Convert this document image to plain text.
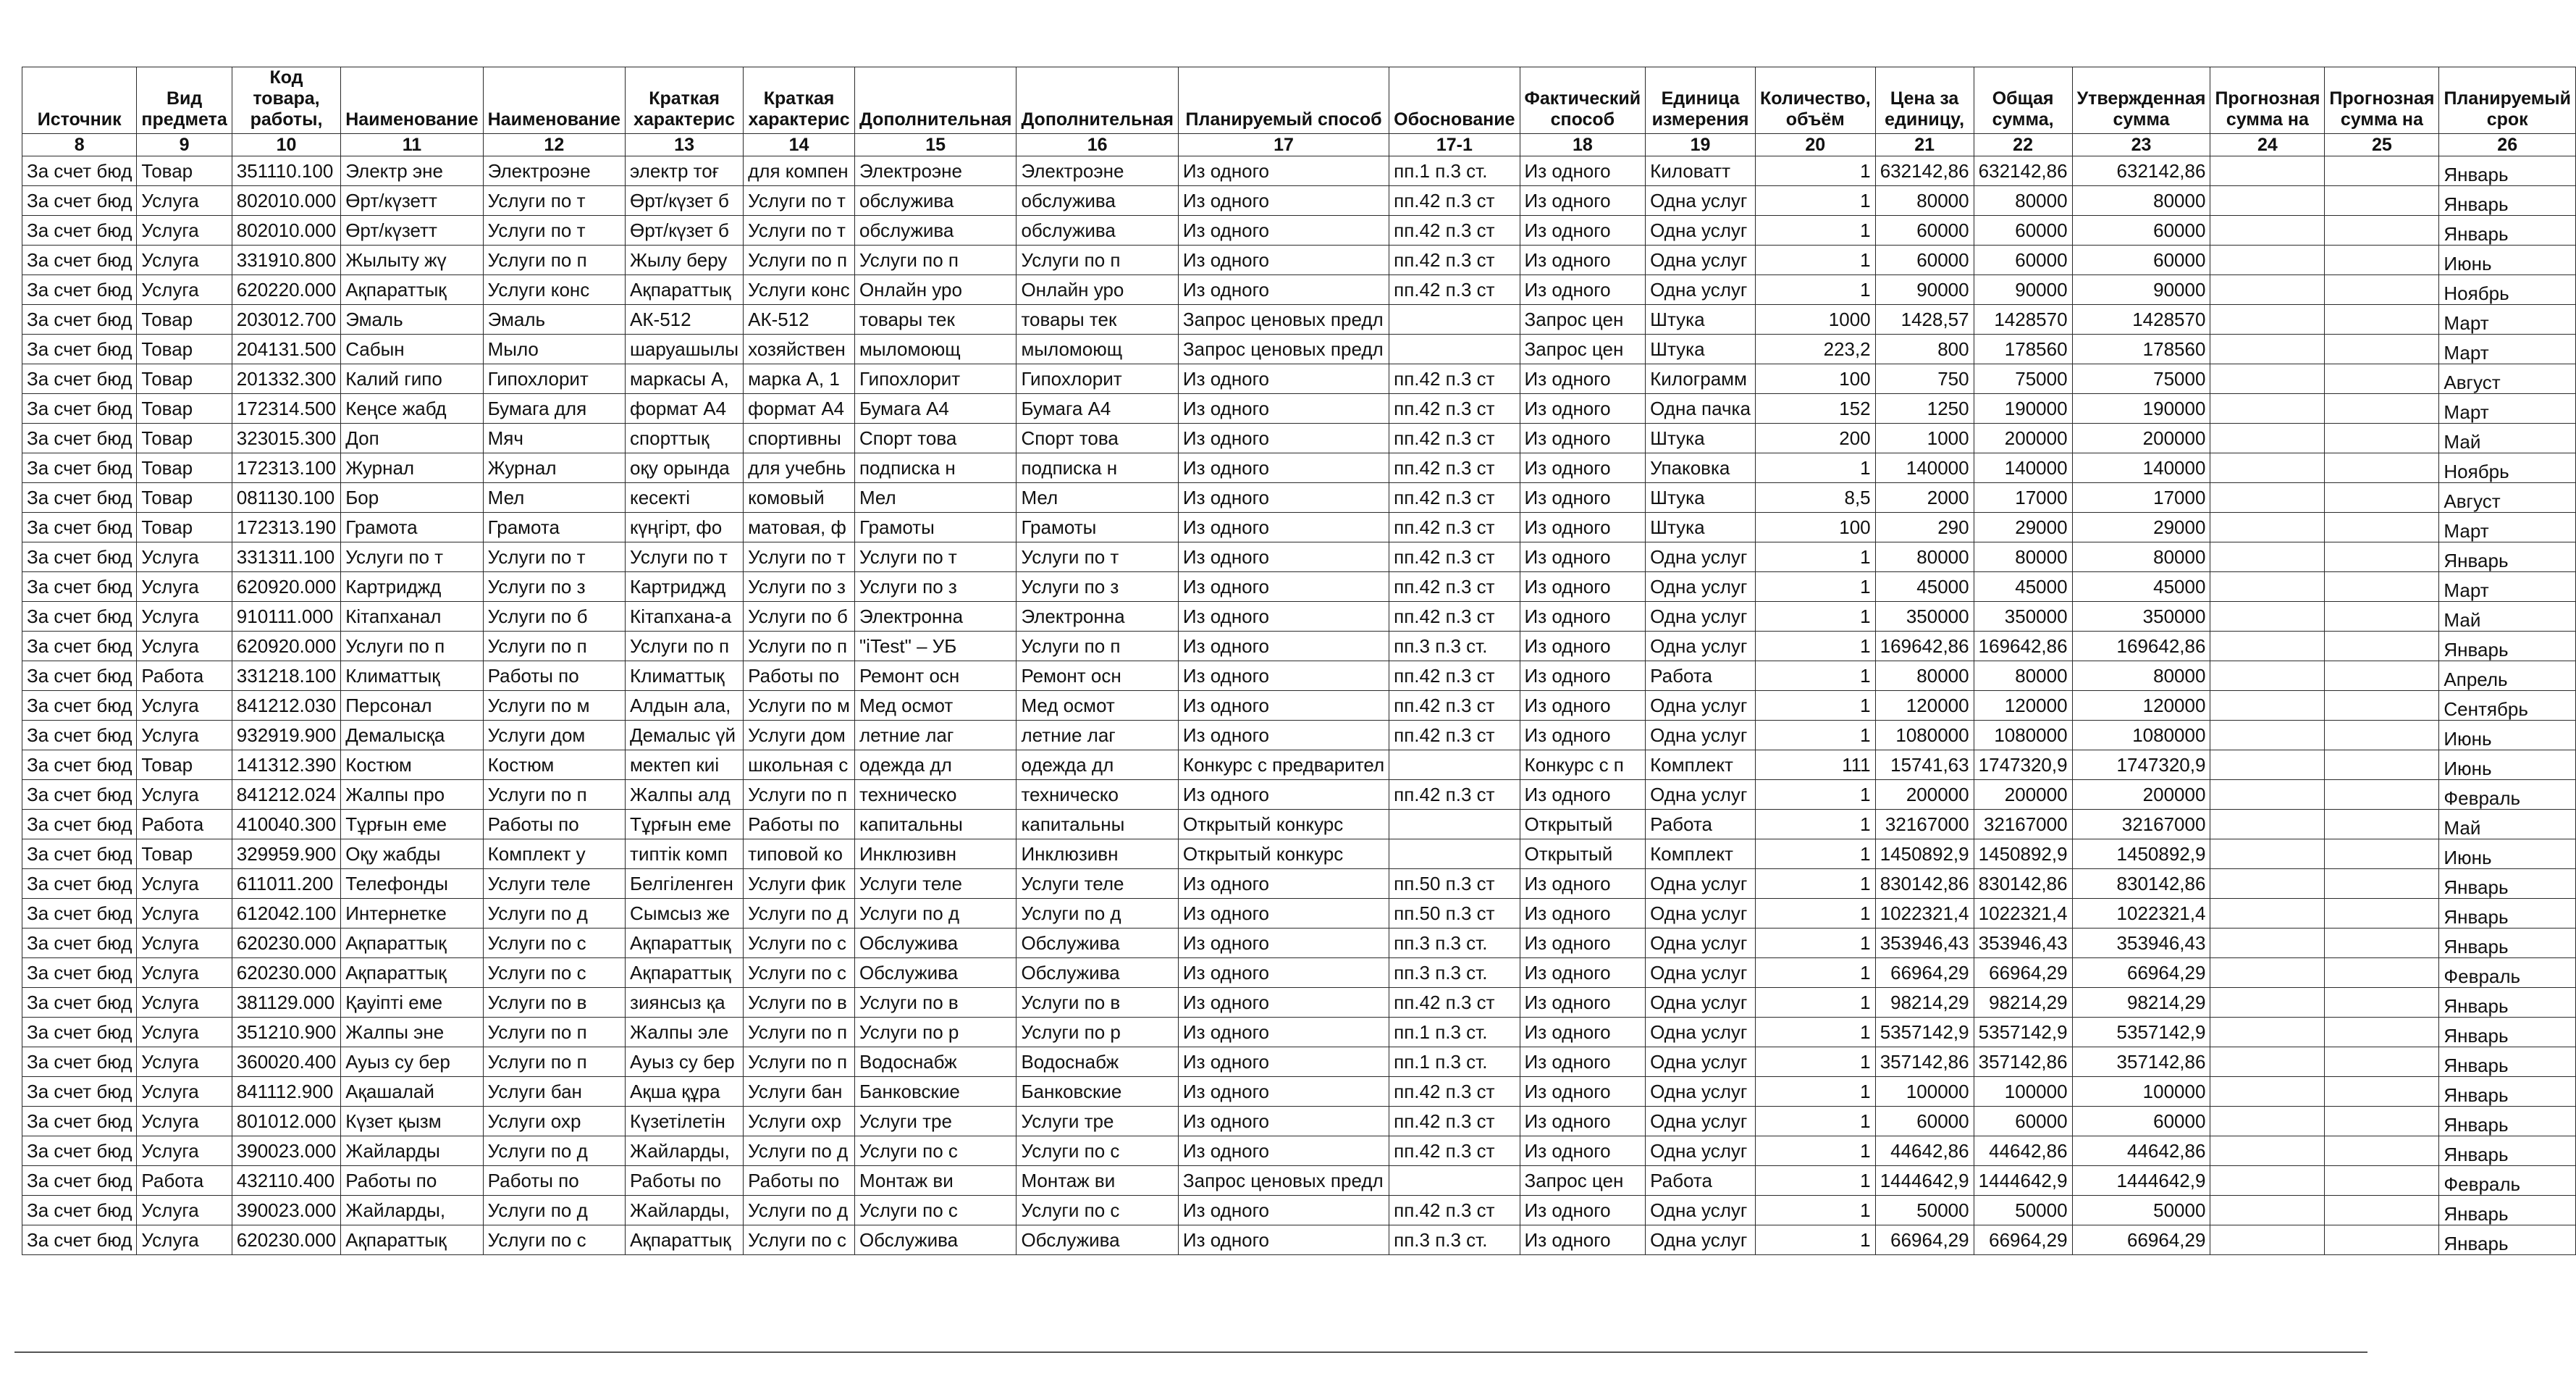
Источник	Вид предмета	Код товара, работы,	Наименование	Наименование	Краткая характерис	Краткая характерис	Дополнительная	Дополнительная	Планируемый способ	Обоснование	Фактический способ	Единица измерения	Количество, объём	Цена за единицу,	Общая сумма,	Утвержденная сумма	Прогнозная сумма на	Прогнозная сумма на	Планируемый срок
8	9	10	11	12	13	14	15	16	17	17-1	18	19	20	21	22	23	24	25	26
За счет бюд	Товар	351110.100	Электр эне	Электроэне	электр тоғ	для компен	Электроэне	Электроэне	Из одного	пп.1 п.3 ст.	Из одного	Киловатт	1	632142,86	632142,86	632142,86			Январь
За счет бюд	Услуга	802010.000	Өрт/күзетт	Услуги по т	Өрт/күзет б	Услуги по т	обслужива	обслужива	Из одного	пп.42 п.3 ст	Из одного	Одна услуг	1	80000	80000	80000			Январь
За счет бюд	Услуга	802010.000	Өрт/күзетт	Услуги по т	Өрт/күзет б	Услуги по т	обслужива	обслужива	Из одного	пп.42 п.3 ст	Из одного	Одна услуг	1	60000	60000	60000			Январь
За счет бюд	Услуга	331910.800	Жылыту жү	Услуги по п	Жылу беру	Услуги по п	Услуги по п	Услуги по п	Из одного	пп.42 п.3 ст	Из одного	Одна услуг	1	60000	60000	60000			Июнь
За счет бюд	Услуга	620220.000	Ақпараттық	Услуги конс	Ақпараттық	Услуги конс	Онлайн уро	Онлайн уро	Из одного	пп.42 п.3 ст	Из одного	Одна услуг	1	90000	90000	90000			Ноябрь
За счет бюд	Товар	203012.700	Эмаль	Эмаль	АК-512	АК-512	товары тек	товары тек	Запрос ценовых предл		Запрос цен	Штука	1000	1428,57	1428570	1428570			Март
За счет бюд	Товар	204131.500	Сабын	Мыло	шаруашылы	хозяйствен	мыломоющ	мыломоющ	Запрос ценовых предл		Запрос цен	Штука	223,2	800	178560	178560			Март
За счет бюд	Товар	201332.300	Калий гипо	Гипохлорит	маркасы А,	марка А, 1	Гипохлорит	Гипохлорит	Из одного	пп.42 п.3 ст	Из одного	Килограмм	100	750	75000	75000			Август
За счет бюд	Товар	172314.500	Кеңсе жабд	Бумага для	формат А4	формат А4	Бумага А4	Бумага А4	Из одного	пп.42 п.3 ст	Из одного	Одна пачка	152	1250	190000	190000			Март
За счет бюд	Товар	323015.300	Доп	Мяч	спорттық	спортивны	Спорт това	Спорт това	Из одного	пп.42 п.3 ст	Из одного	Штука	200	1000	200000	200000			Май
За счет бюд	Товар	172313.100	Журнал	Журнал	оқу орында	для учебнь	подписка н	подписка н	Из одного	пп.42 п.3 ст	Из одного	Упаковка	1	140000	140000	140000			Ноябрь
За счет бюд	Товар	081130.100	Бор	Мел	кесекті	комовый	Мел	Мел	Из одного	пп.42 п.3 ст	Из одного	Штука	8,5	2000	17000	17000			Август
За счет бюд	Товар	172313.190	Грамота	Грамота	күңгірт, фо	матовая, ф	Грамоты	Грамоты	Из одного	пп.42 п.3 ст	Из одного	Штука	100	290	29000	29000			Март
За счет бюд	Услуга	331311.100	Услуги по т	Услуги по т	Услуги по т	Услуги по т	Услуги по т	Услуги по т	Из одного	пп.42 п.3 ст	Из одного	Одна услуг	1	80000	80000	80000			Январь
За счет бюд	Услуга	620920.000	Картриджд	Услуги по з	Картриджд	Услуги по з	Услуги по з	Услуги по з	Из одного	пп.42 п.3 ст	Из одного	Одна услуг	1	45000	45000	45000			Март
За счет бюд	Услуга	910111.000	Кітапханал	Услуги по б	Кітапхана-а	Услуги по б	Электронна	Электронна	Из одного	пп.42 п.3 ст	Из одного	Одна услуг	1	350000	350000	350000			Май
За счет бюд	Услуга	620920.000	Услуги по п	Услуги по п	Услуги по п	Услуги по п	"iTest" – УБ	Услуги по п	Из одного	пп.3 п.3 ст.	Из одного	Одна услуг	1	169642,86	169642,86	169642,86			Январь
За счет бюд	Работа	331218.100	Климаттық	Работы по	Климаттық	Работы по	Ремонт осн	Ремонт осн	Из одного	пп.42 п.3 ст	Из одного	Работа	1	80000	80000	80000			Апрель
За счет бюд	Услуга	841212.030	Персонал	Услуги по м	Алдын ала,	Услуги по м	Мед осмот	Мед осмот	Из одного	пп.42 п.3 ст	Из одного	Одна услуг	1	120000	120000	120000			Сентябрь
За счет бюд	Услуга	932919.900	Демалысқа	Услуги дом	Демалыс үй	Услуги дом	летние лаг	летние лаг	Из одного	пп.42 п.3 ст	Из одного	Одна услуг	1	1080000	1080000	1080000			Июнь
За счет бюд	Товар	141312.390	Костюм	Костюм	мектеп киі	школьная с	одежда дл	одежда дл	Конкурс с предварител		Конкурс с п	Комплект	111	15741,63	1747320,9	1747320,9			Июнь
За счет бюд	Услуга	841212.024	Жалпы про	Услуги по п	Жалпы алд	Услуги по п	техническо	техническо	Из одного	пп.42 п.3 ст	Из одного	Одна услуг	1	200000	200000	200000			Февраль
За счет бюд	Работа	410040.300	Тұрғын еме	Работы по	Тұрғын еме	Работы по	капитальны	капитальны	Открытый конкурс		Открытый	Работа	1	32167000	32167000	32167000			Май
За счет бюд	Товар	329959.900	Оқу жабды	Комплект у	типтік комп	типовой ко	Инклюзивн	Инклюзивн	Открытый конкурс		Открытый	Комплект	1	1450892,9	1450892,9	1450892,9			Июнь
За счет бюд	Услуга	611011.200	Телефонды	Услуги теле	Белгіленген	Услуги фик	Услуги теле	Услуги теле	Из одного	пп.50 п.3 ст	Из одного	Одна услуг	1	830142,86	830142,86	830142,86			Январь
За счет бюд	Услуга	612042.100	Интернетке	Услуги по д	Сымсыз же	Услуги по д	Услуги по д	Услуги по д	Из одного	пп.50 п.3 ст	Из одного	Одна услуг	1	1022321,4	1022321,4	1022321,4			Январь
За счет бюд	Услуга	620230.000	Ақпараттық	Услуги по с	Ақпараттық	Услуги по с	Обслужива	Обслужива	Из одного	пп.3 п.3 ст.	Из одного	Одна услуг	1	353946,43	353946,43	353946,43			Январь
За счет бюд	Услуга	620230.000	Ақпараттық	Услуги по с	Ақпараттық	Услуги по с	Обслужива	Обслужива	Из одного	пп.3 п.3 ст.	Из одного	Одна услуг	1	66964,29	66964,29	66964,29			Февраль
За счет бюд	Услуга	381129.000	Қауіпті еме	Услуги по в	зиянсыз қа	Услуги по в	Услуги по в	Услуги по в	Из одного	пп.42 п.3 ст	Из одного	Одна услуг	1	98214,29	98214,29	98214,29			Январь
За счет бюд	Услуга	351210.900	Жалпы эне	Услуги по п	Жалпы эле	Услуги по п	Услуги по р	Услуги по р	Из одного	пп.1 п.3 ст.	Из одного	Одна услуг	1	5357142,9	5357142,9	5357142,9			Январь
За счет бюд	Услуга	360020.400	Ауыз су бер	Услуги по п	Ауыз су бер	Услуги по п	Водоснабж	Водоснабж	Из одного	пп.1 п.3 ст.	Из одного	Одна услуг	1	357142,86	357142,86	357142,86			Январь
За счет бюд	Услуга	841112.900	Ақашалай	Услуги бан	Ақша құра	Услуги бан	Банковские	Банковские	Из одного	пп.42 п.3 ст	Из одного	Одна услуг	1	100000	100000	100000			Январь
За счет бюд	Услуга	801012.000	Күзет қызм	Услуги охр	Күзетілетін	Услуги охр	Услуги тре	Услуги тре	Из одного	пп.42 п.3 ст	Из одного	Одна услуг	1	60000	60000	60000			Январь
За счет бюд	Услуга	390023.000	Жайларды	Услуги по д	Жайларды,	Услуги по д	Услуги по с	Услуги по с	Из одного	пп.42 п.3 ст	Из одного	Одна услуг	1	44642,86	44642,86	44642,86			Январь
За счет бюд	Работа	432110.400	Работы по	Работы по	Работы по	Работы по	Монтаж ви	Монтаж ви	Запрос ценовых предл		Запрос цен	Работа	1	1444642,9	1444642,9	1444642,9			Февраль
За счет бюд	Услуга	390023.000	Жайларды,	Услуги по д	Жайларды,	Услуги по д	Услуги по с	Услуги по с	Из одного	пп.42 п.3 ст	Из одного	Одна услуг	1	50000	50000	50000			Январь
За счет бюд	Услуга	620230.000	Ақпараттық	Услуги по с	Ақпараттық	Услуги по с	Обслужива	Обслужива	Из одного	пп.3 п.3 ст.	Из одного	Одна услуг	1	66964,29	66964,29	66964,29			Январь
